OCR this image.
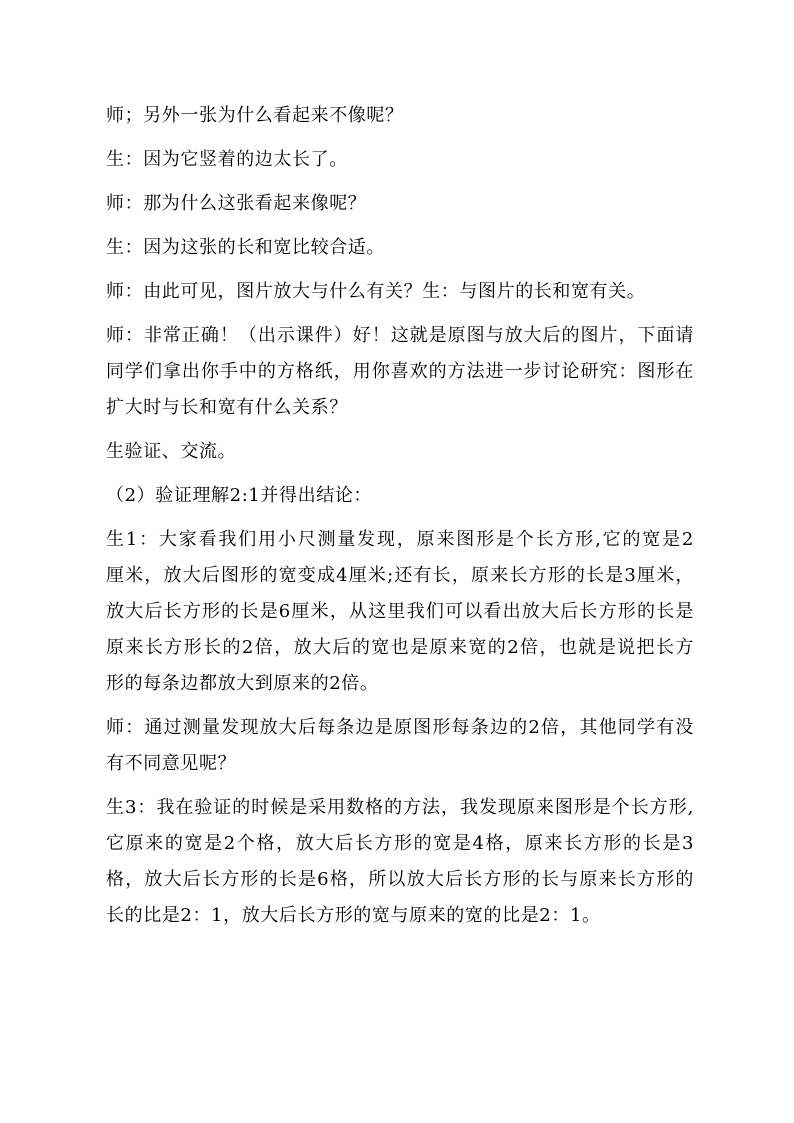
师；另外一张为什么看起来不像呢？

生：因为它竖着的边太长了。

师：那为什么这张看起来像呢？

生：因为这张的长和宽比较合适。

师：由此可见，图片放大与什么有关？生：与图片的长和宽有关。

师：非常正确！（出示课件）好！这就是原图与放大后的图片，下面请
同学们拿出你手中的方格纸，用你喜欢的方法进一步讨论研究：图形在
扩大时与长和宽有什么关系？

生验证、交流。

（2）验证理解2:1并得出结论：

生1：大家看我们用小尺测量发现，原来图形是个长方形,它的宽是2
厘米，放大后图形的宽变成4厘米;还有长，原来长方形的长是3厘米，
放大后长方形的长是6厘米，从这里我们可以看出放大后长方形的长是
原来长方形长的2倍，放大后的宽也是原来宽的2倍，也就是说把长方
形的每条边都放大到原来的2倍。

师：通过测量发现放大后每条边是原图形每条边的2倍，其他同学有没
有不同意见呢？

生3：我在验证的时候是采用数格的方法，我发现原来图形是个长方形,
它原来的宽是2个格，放大后长方形的宽是4格，原来长方形的长是3
格，放大后长方形的长是6格，所以放大后长方形的长与原来长方形的
长的比是2：1，放大后长方形的宽与原来的宽的比是2：1。
